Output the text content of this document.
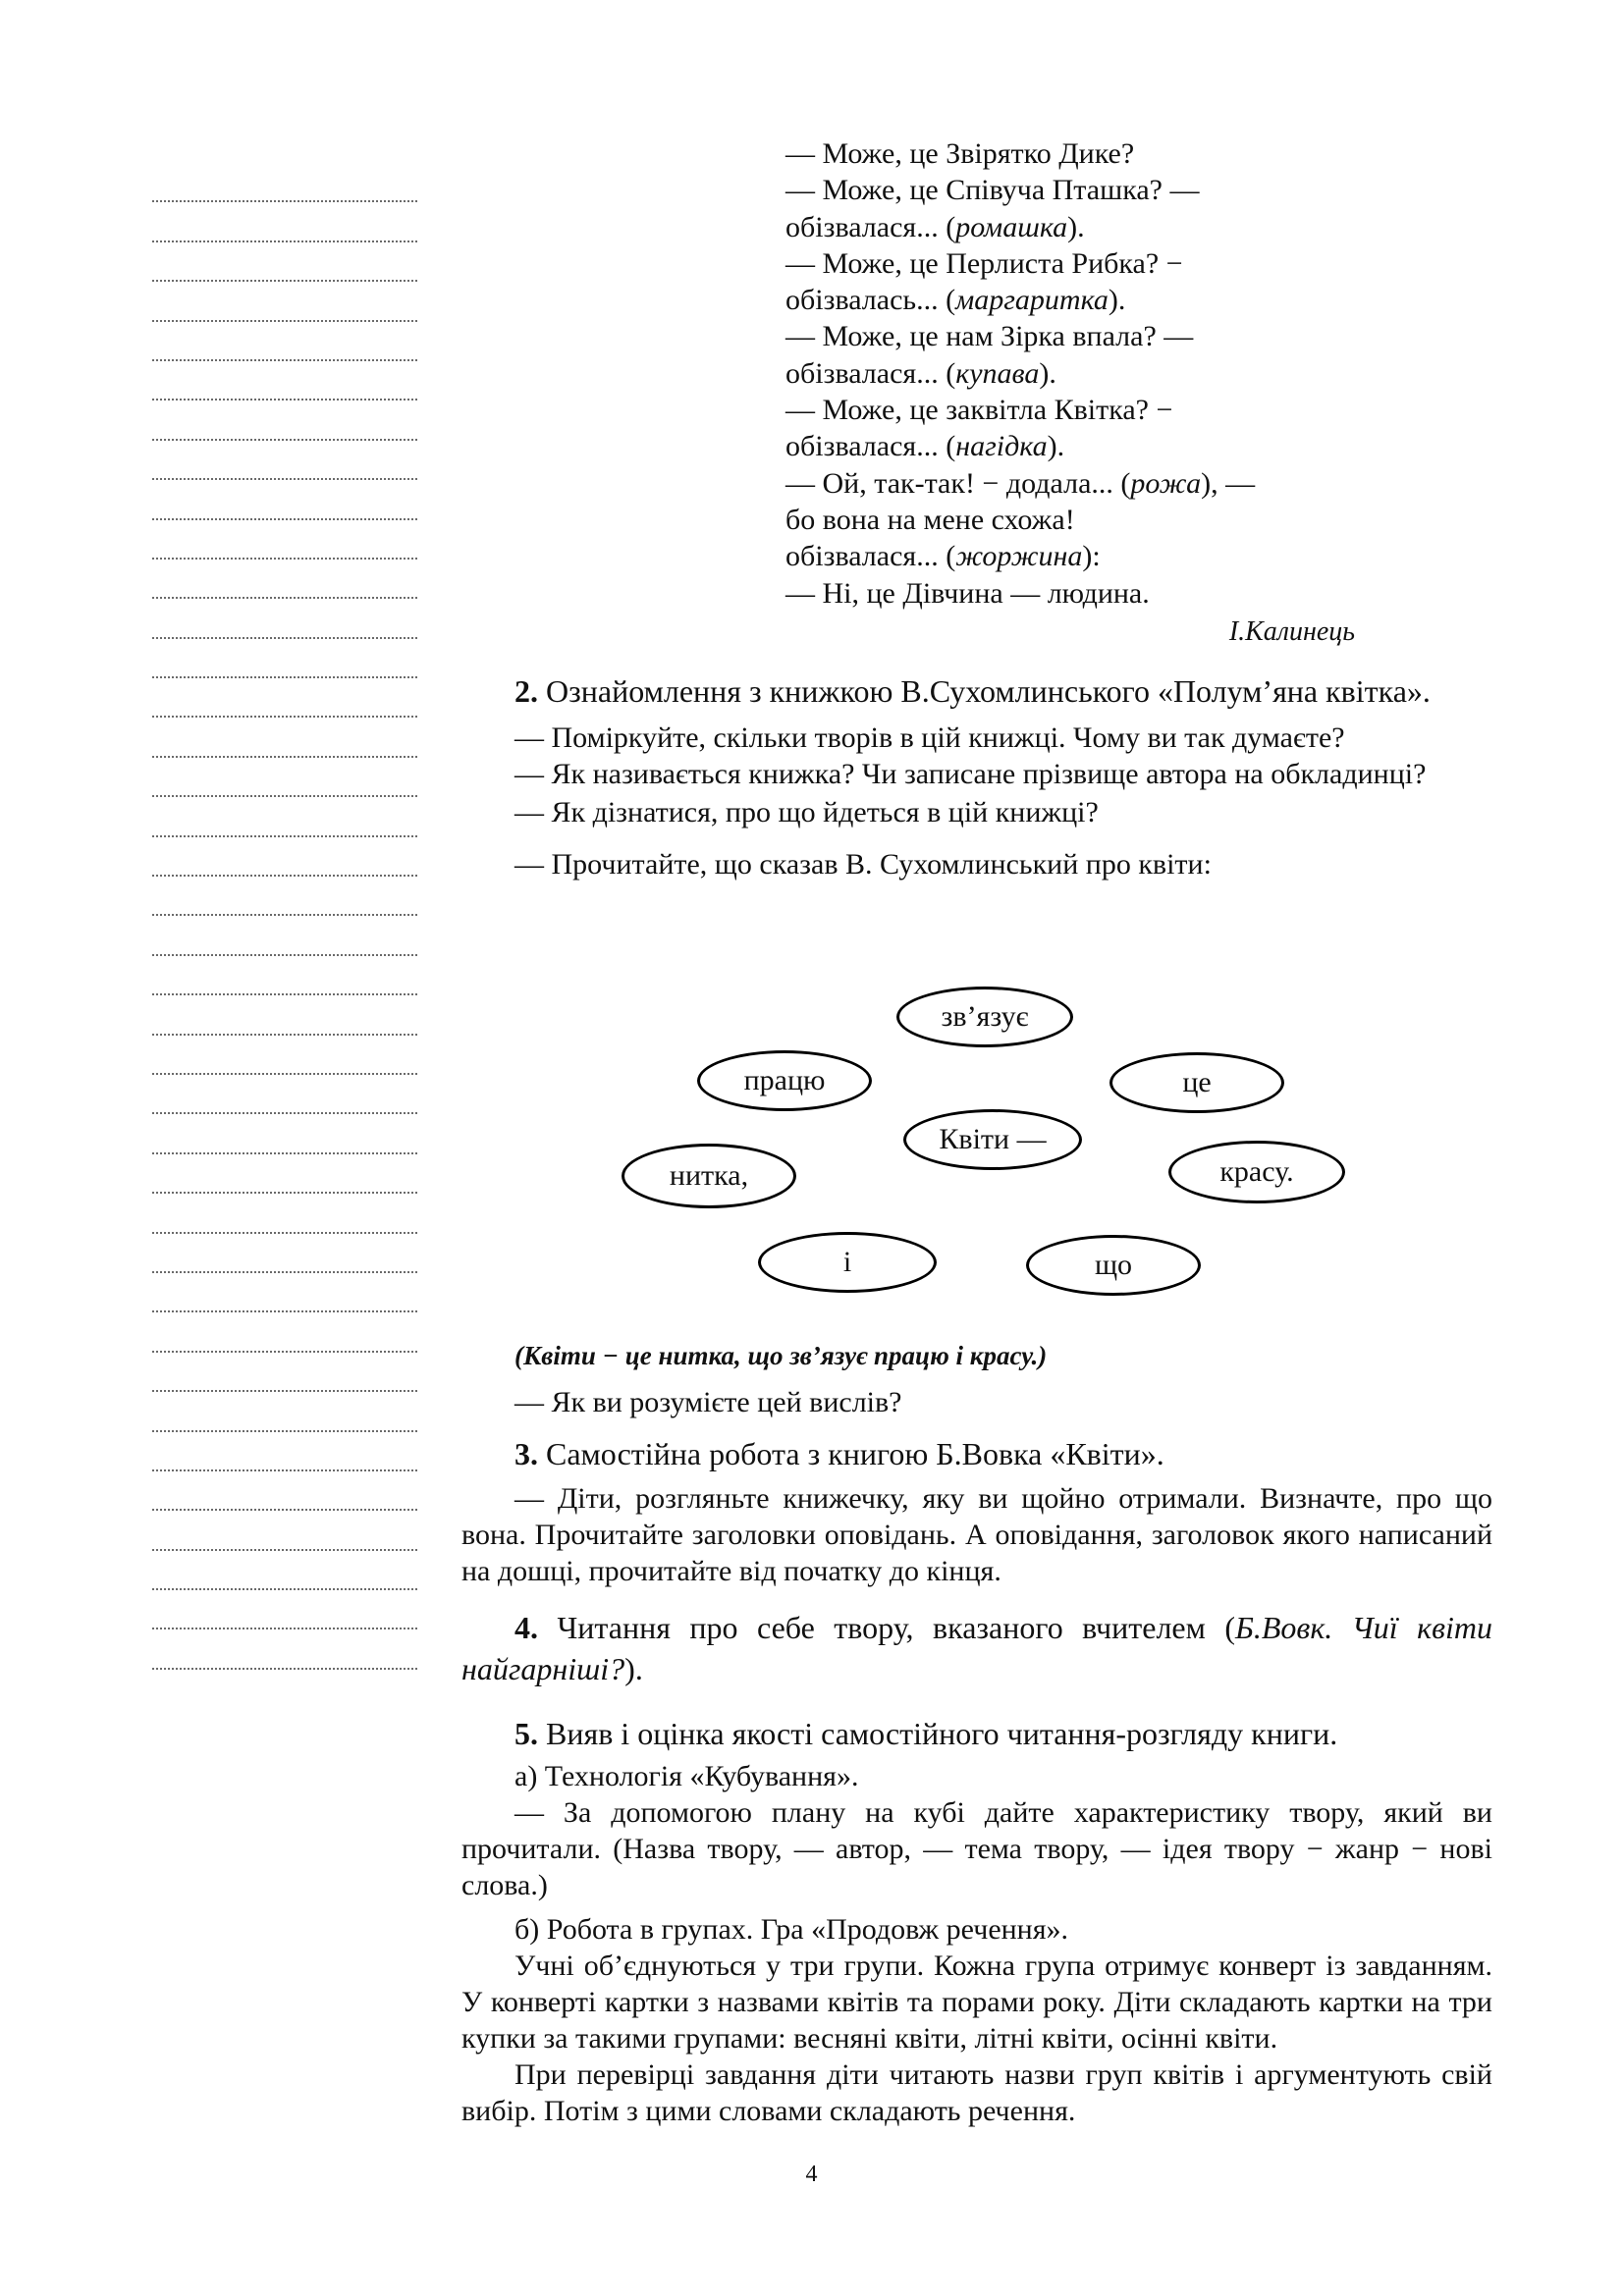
— Може, це Звірятко Дике?
— Може, це Співуча Пташка? —
обізвалася... (ромашка).
— Може, це Перлиста Рибка? −
обізвалась... (маргаритка).
— Може, це нам Зірка впала? —
обізвалася... (купава).
— Може, це заквітла Квітка? −
обізвалася... (нагідка).
— Ой, так-так! − додала... (рожа), —
бо вона на мене схожа!
обізвалася... (жоржина):
— Ні, це Дівчина — людина.
І.Калинець

2. Ознайомлення з книжкою В.Сухомлинського «Полум’яна квітка».

— Поміркуйте, скільки творів в цій книжці. Чому ви так думаєте?

— Як називається книжка? Чи записане прізвище автора на обкладинці?

— Як дізнатися, про що йдеться в цій книжці?

— Прочитайте, що сказав В. Сухомлинський про квіти:

зв’язує
працю	це
Квіти —
нитка,	красу.
і	що

(Квіти − це нитка, що зв’язує працю і красу.)

— Як ви розумієте цей вислів?

3. Самостійна робота з книгою Б.Вовка «Квіти».

— Діти, розгляньте книжечку, яку ви щойно отримали. Визначте, про що вона. Прочитайте заголовки оповідань. А оповідання, заголовок якого написаний на дошці, прочитайте від початку до кінця.

4. Читання про себе твору, вказаного вчителем (Б.Вовк. Чиї квіти найгарніші?).

5. Вияв і оцінка якості самостійного читання-розгляду книги.

а) Технологія «Кубування».

— За допомогою плану на кубі дайте характеристику твору, який ви прочитали. (Назва твору, — автор, — тема твору, — ідея твору − жанр − нові слова.)

б) Робота в групах. Гра «Продовж речення».

Учні об’єднуються у три групи. Кожна група отримує конверт із завданням. У конверті картки з назвами квітів та порами року. Діти складають картки на три купки за такими групами: весняні квіти, літні квіти, осінні квіти.

При перевірці завдання діти читають назви груп квітів і аргументують свій вибір. Потім з цими словами складають речення.

4
